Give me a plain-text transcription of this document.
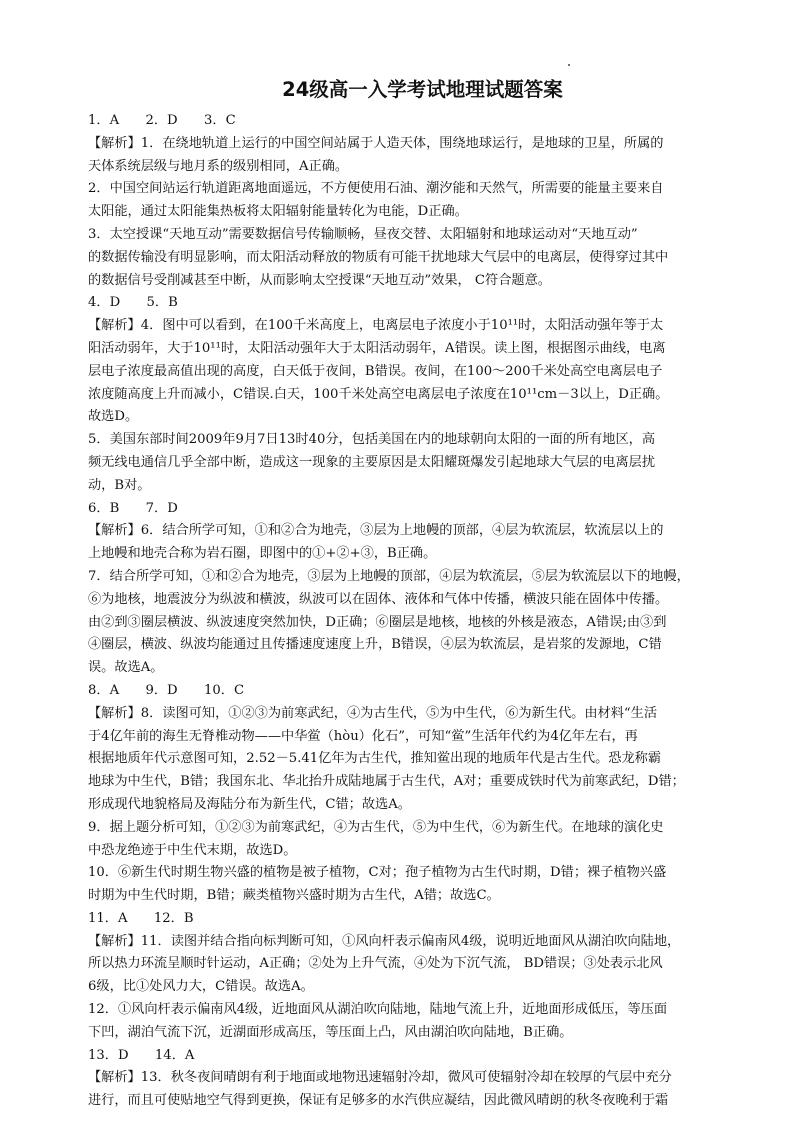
24级高一入学考试地理试题答案
1．A　　2．D　　3．C
【解析】1．在绕地轨道上运行的中国空间站属于人造天体，围绕地球运行，是地球的卫星，所属的
天体系统层级与地月系的级别相同，A正确。
2．中国空间站运行轨道距离地面遥远，不方便使用石油、潮汐能和天然气，所需要的能量主要来自
太阳能，通过太阳能集热板将太阳辐射能量转化为电能，D正确。
3．太空授课“天地互动”需要数据信号传输顺畅，昼夜交替、太阳辐射和地球运动对“天地互动”
的数据传输没有明显影响，而太阳活动释放的物质有可能干扰地球大气层中的电离层，使得穿过其中
的数据信号受削减甚至中断，从而影响太空授课“天地互动”效果， C符合题意。
4．D　　5．B
【解析】4．图中可以看到，在100千米高度上，电离层电子浓度小于10¹¹时，太阳活动强年等于太
阳活动弱年，大于10¹¹时，太阳活动强年大于太阳活动弱年，A错误。读上图，根据图示曲线，电离
层电子浓度最高值出现的高度，白天低于夜间，B错误。夜间，在100～200千米处高空电离层电子
浓度随高度上升而减小，C错误.白天，100千米处高空电离层电子浓度在10¹¹cm－3以上，D正确。
故选D。
5．美国东部时间2009年9月7日13时40分，包括美国在内的地球朝向太阳的一面的所有地区，高
频无线电通信几乎全部中断，造成这一现象的主要原因是太阳耀斑爆发引起地球大气层的电离层扰
动，B对。
6．B　　7．D
【解析】6．结合所学可知，①和②合为地壳，③层为上地幔的顶部，④层为软流层，软流层以上的
上地幔和地壳合称为岩石圈，即图中的①+②+③，B正确。
7．结合所学可知，①和②合为地壳，③层为上地幔的顶部，④层为软流层，⑤层为软流层以下的地幔，
⑥为地核，地震波分为纵波和横波，纵波可以在固体、液体和气体中传播，横波只能在固体中传播。
由②到③圈层横波、纵波速度突然加快，D正确；⑥圈层是地核，地核的外核是液态，A错误;由③到
④圈层，横波、纵波均能通过且传播速度速度上升，B错误，④层为软流层，是岩浆的发源地，C错
误。故选A。
8．A　　9．D　　10．C
【解析】8．读图可知，①②③为前寒武纪，④为古生代，⑤为中生代，⑥为新生代。由材料“生活
于4亿年前的海生无脊椎动物——中华鲎（hòu）化石”，可知“鲎”生活年代约为4亿年左右，再
根据地质年代示意图可知，2.52－5.41亿年为古生代，推知鲎出现的地质年代是古生代。恐龙称霸
地球为中生代，B错；我国东北、华北抬升成陆地属于古生代，A对；重要成铁时代为前寒武纪，D错；
形成现代地貌格局及海陆分布为新生代，C错；故选A。
9．据上题分析可知，①②③为前寒武纪，④为古生代，⑤为中生代，⑥为新生代。在地球的演化史
中恐龙绝迹于中生代末期，故选D。
10．⑥新生代时期生物兴盛的植物是被子植物，C对；孢子植物为古生代时期，D错；裸子植物兴盛
时期为中生代时期，B错；蕨类植物兴盛时期为古生代，A错；故选C。
11．A　　12．B
【解析】11．读图并结合指向标判断可知，①风向杆表示偏南风4级，说明近地面风从湖泊吹向陆地，
所以热力环流呈顺时针运动，A正确；②处为上升气流，④处为下沉气流， BD错误；③处表示北风
6级，比①处风力大，C错误。故选A。
12．①风向杆表示偏南风4级，近地面风从湖泊吹向陆地，陆地气流上升，近地面形成低压，等压面
下凹，湖泊气流下沉，近湖面形成高压，等压面上凸，风由湖泊吹向陆地，B正确。
13．D　　14．A
【解析】13．秋冬夜间晴朗有利于地面或地物迅速辐射冷却，微风可使辐射冷却在较厚的气层中充分
进行，而且可使贴地空气得到更换，保证有足够多的水汽供应凝结，因此微风晴朗的秋冬夜晚利于霜
